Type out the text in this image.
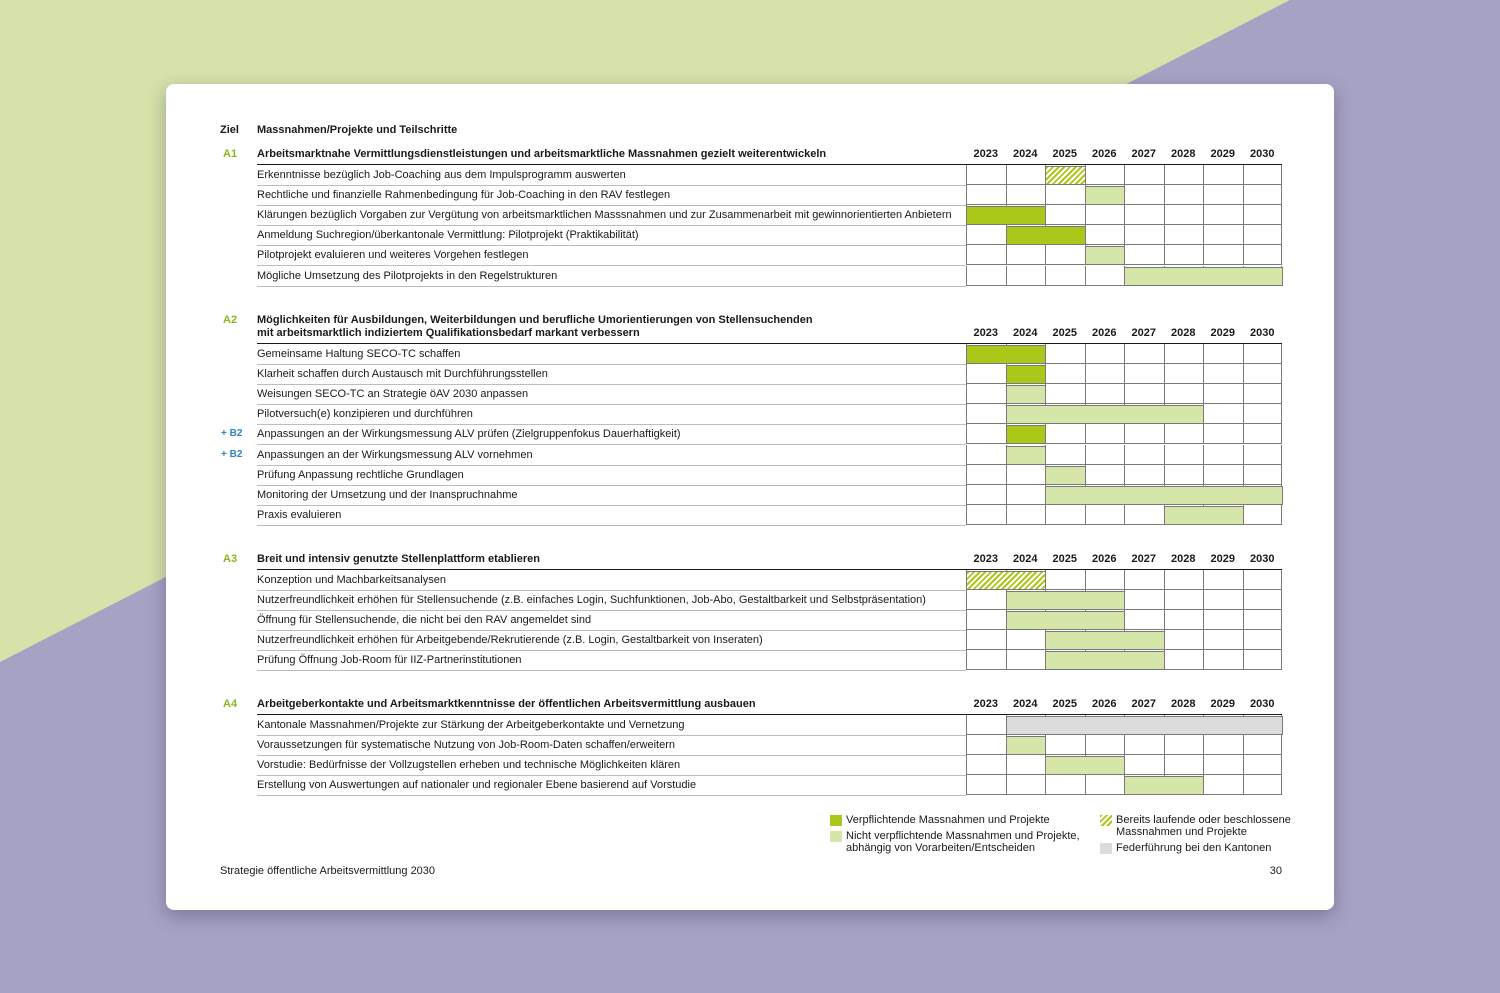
Ziel Massnahmen/Projekte und Teilschritte
A1 Arbeitsmarktnahe Vermittlungsdienstleistungen und arbeitsmarktliche Massnahmen gezielt weiterentwickeln	2023	2024	2025	2026	2027	2028	2029	2030
Erkenntnisse bezüglich Job-Coaching aus dem Impulsprogramm auswerten
Rechtliche und finanzielle Rahmenbedingung für Job-Coaching in den RAV festlegen
Klärungen bezüglich Vorgaben zur Vergütung von arbeitsmarktlichen Masssnahmen und zur Zusammenarbeit mit gewinnorientierten Anbietern
Anmeldung Suchregion/überkantonale Vermittlung: Pilotprojekt (Praktikabilität)
Pilotprojekt evaluieren und weiteres Vorgehen festlegen
Mögliche Umsetzung des Pilotprojekts in den Regelstrukturen
A2 Möglichkeiten für Ausbildungen, Weiterbildungen und berufliche Umorientierungen von Stellensuchenden
mit arbeitsmarktlich indiziertem Qualifikationsbedarf markant verbessern	2023	2024	2025	2026	2027	2028	2029	2030
Gemeinsame Haltung SECO-TC schaffen
Klarheit schaffen durch Austausch mit Durchführungsstellen
Weisungen SECO-TC an Strategie öAV 2030 anpassen
Pilotversuch(e) konzipieren und durchführen
+ B2 Anpassungen an der Wirkungsmessung ALV prüfen (Zielgruppenfokus Dauerhaftigkeit)
+ B2 Anpassungen an der Wirkungsmessung ALV vornehmen
Prüfung Anpassung rechtliche Grundlagen
Monitoring der Umsetzung und der Inanspruchnahme
Praxis evaluieren
A3 Breit und intensiv genutzte Stellenplattform etablieren	2023	2024	2025	2026	2027	2028	2029	2030
Konzeption und Machbarkeitsanalysen
Nutzerfreundlichkeit erhöhen für Stellensuchende (z.B. einfaches Login, Suchfunktionen, Job-Abo, Gestaltbarkeit und Selbstpräsentation)
Öffnung für Stellensuchende, die nicht bei den RAV angemeldet sind
Nutzerfreundlichkeit erhöhen für Arbeitgebende/Rekrutierende (z.B. Login, Gestaltbarkeit von Inseraten)
Prüfung Öffnung Job-Room für IIZ-Partnerinstitutionen
A4 Arbeitgeberkontakte und Arbeitsmarktkenntnisse der öffentlichen Arbeitsvermittlung ausbauen	2023	2024	2025	2026	2027	2028	2029	2030
Kantonale Massnahmen/Projekte zur Stärkung der Arbeitgeberkontakte und Vernetzung
Voraussetzungen für systematische Nutzung von Job-Room-Daten schaffen/erweitern
Vorstudie: Bedürfnisse der Vollzugstellen erheben und technische Möglichkeiten klären
Erstellung von Auswertungen auf nationaler und regionaler Ebene basierend auf Vorstudie
Verpflichtende Massnahmen und Projekte
Nicht verpflichtende Massnahmen und Projekte,
abhängig von Vorarbeiten/Entscheiden
Bereits laufende oder beschlossene
Massnahmen und Projekte
Federführung bei den Kantonen
Strategie öffentliche Arbeitsvermittlung 2030	30
